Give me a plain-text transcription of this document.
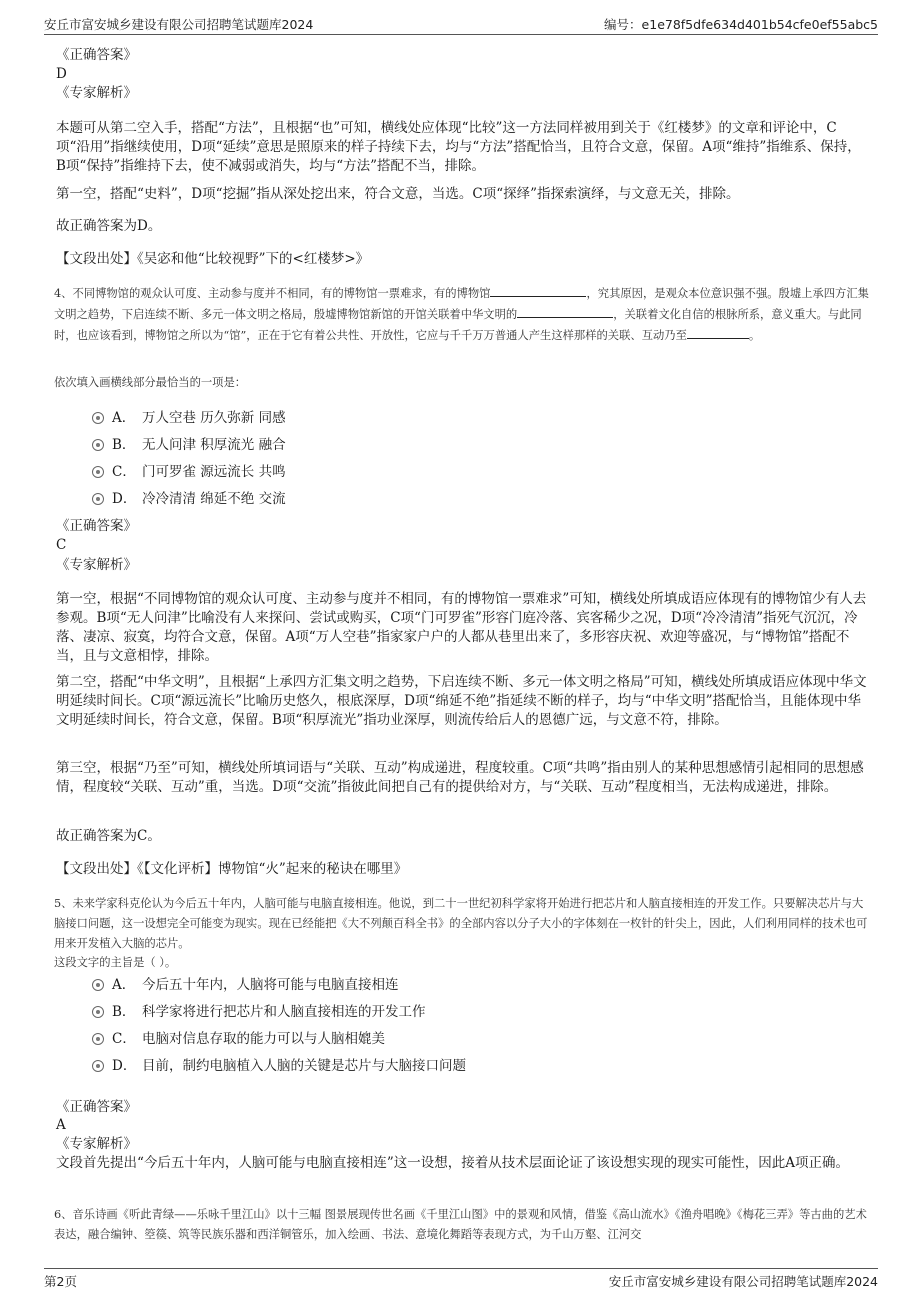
安丘市富安城乡建设有限公司招聘笔试题库2024	编号：e1e78f5dfe634d401b54cfe0ef55abc5
《正确答案》
D
《专家解析》
本题可从第二空入手，搭配“方法”，且根据“也”可知，横线处应体现“比较”这一方法同样被用到关于《红楼梦》的文章和评论中，C项“沿用”指继续使用，D项“延续”意思是照原来的样子持续下去，均与“方法”搭配恰当，且符合文意，保留。A项“维持”指维系、保持，B项“保持”指维持下去，使不减弱或消失，均与“方法”搭配不当，排除。
第一空，搭配“史料”，D项“挖掘”指从深处挖出来，符合文意，当选。C项“探绎”指探索演绎，与文意无关，排除。
故正确答案为D。
【文段出处】《吴宓和他“比较视野”下的<红楼梦>》
4、不同博物馆的观众认可度、主动参与度并不相同，有的博物馆一票难求，有的博物馆	，究其原因，是观众本位意识强不强。殷墟上承四方汇集文明之趋势，下启连续不断、多元一体文明之格局，殷墟博物馆新馆的开馆关联着中华文明的	，关联着文化自信的根脉所系，意义重大。与此同时，也应该看到，博物馆之所以为“馆”，正在于它有着公共性、开放性，它应与千千万万普通人产生这样那样的关联、互动乃至	。
依次填入画横线部分最恰当的一项是：
A． 万人空巷 历久弥新 同感
B． 无人问津 积厚流光 融合
C． 门可罗雀 源远流长 共鸣
D． 冷冷清清 绵延不绝 交流
《正确答案》
C
《专家解析》
第一空，根据“不同博物馆的观众认可度、主动参与度并不相同，有的博物馆一票难求”可知，横线处所填成语应体现有的博物馆少有人去参观。B项“无人问津”比喻没有人来探问、尝试或购买，C项“门可罗雀”形容门庭冷落、宾客稀少之况，D项“冷冷清清”指死气沉沉，冷落、凄凉、寂寞，均符合文意，保留。A项“万人空巷”指家家户户的人都从巷里出来了，多形容庆祝、欢迎等盛况，与“博物馆”搭配不当，且与文意相悖，排除。
第二空，搭配“中华文明”，且根据“上承四方汇集文明之趋势，下启连续不断、多元一体文明之格局”可知，横线处所填成语应体现中华文明延续时间长。C项“源远流长”比喻历史悠久，根底深厚，D项“绵延不绝”指延续不断的样子，均与“中华文明”搭配恰当，且能体现中华文明延续时间长，符合文意，保留。B项“积厚流光”指功业深厚，则流传给后人的恩德广远，与文意不符，排除。
第三空，根据“乃至”可知，横线处所填词语与“关联、互动”构成递进，程度较重。C项“共鸣”指由别人的某种思想感情引起相同的思想感情，程度较“关联、互动”重，当选。D项“交流”指彼此间把自己有的提供给对方，与“关联、互动”程度相当，无法构成递进，排除。
故正确答案为C。
【文段出处】《【文化评析】博物馆“火”起来的秘诀在哪里》
5、未来学家科克伦认为今后五十年内，人脑可能与电脑直接相连。他说，到二十一世纪初科学家将开始进行把芯片和人脑直接相连的开发工作。只要解决芯片与大脑接口问题，这一设想完全可能变为现实。现在已经能把《大不列颠百科全书》的全部内容以分子大小的字体刻在一枚针的针尖上，因此，人们利用同样的技术也可用来开发植入大脑的芯片。
这段文字的主旨是（ ）。
A． 今后五十年内，人脑将可能与电脑直接相连
B． 科学家将进行把芯片和人脑直接相连的开发工作
C． 电脑对信息存取的能力可以与人脑相媲美
D． 目前，制约电脑植入人脑的关键是芯片与大脑接口问题
《正确答案》
A
《专家解析》
文段首先提出“今后五十年内，人脑可能与电脑直接相连”这一设想，接着从技术层面论证了该设想实现的现实可能性，因此A项正确。
6、音乐诗画《听此青绿——乐咏千里江山》以十三幅 图景展现传世名画《千里江山图》中的景观和风情，借鉴《高山流水》《渔舟唱晚》《梅花三弄》等古曲的艺术表达，融合编钟、箜篌、筑等民族乐器和西洋铜管乐，加入绘画、书法、意境化舞蹈等表现方式，为千山万壑、江河交
第2页	安丘市富安城乡建设有限公司招聘笔试题库2024
